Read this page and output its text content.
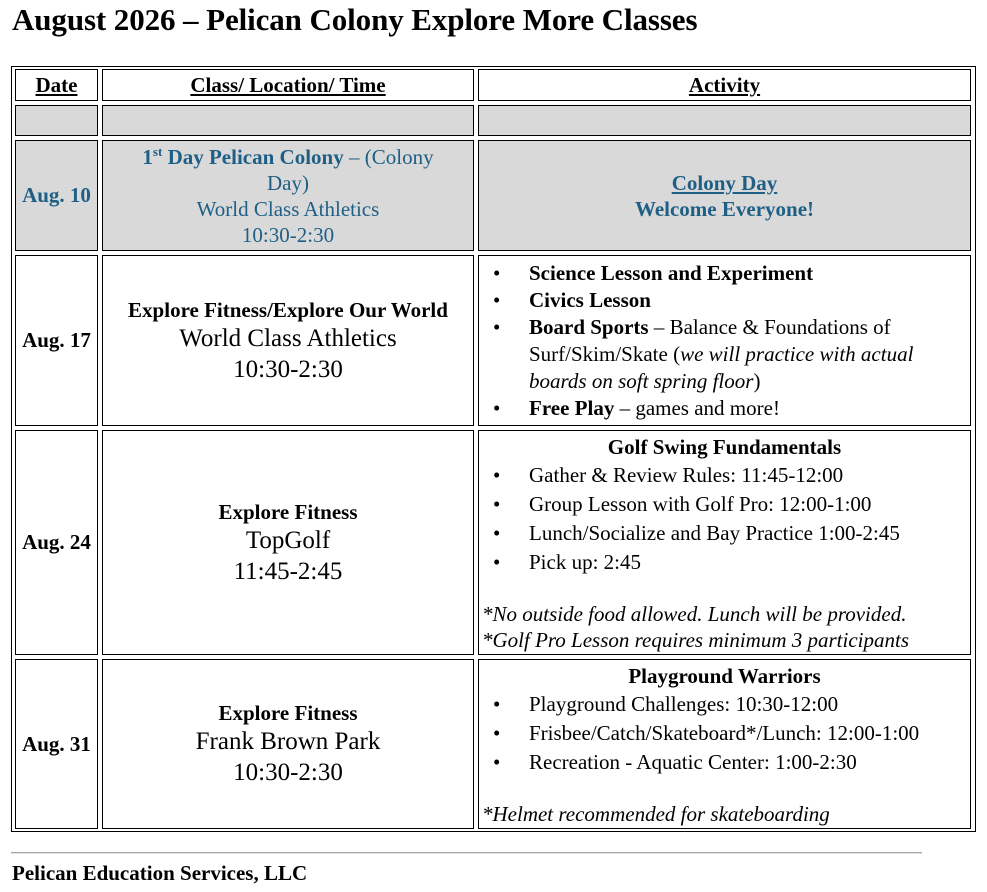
August 2026 – Pelican Colony Explore More Classes
Date	Class/ Location/ Time	Activity
Aug. 10
1st Day Pelican Colony – (Colony Day)
World Class Athletics
10:30-2:30
Colony Day
Welcome Everyone!
Aug. 17
Explore Fitness/Explore Our World
World Class Athletics
10:30-2:30
• Science Lesson and Experiment
• Civics Lesson
• Board Sports – Balance & Foundations of Surf/Skim/Skate (we will practice with actual boards on soft spring floor)
• Free Play – games and more!
Aug. 24
Explore Fitness
TopGolf
11:45-2:45
Golf Swing Fundamentals
• Gather & Review Rules: 11:45-12:00
• Group Lesson with Golf Pro: 12:00-1:00
• Lunch/Socialize and Bay Practice 1:00-2:45
• Pick up: 2:45
*No outside food allowed. Lunch will be provided.
*Golf Pro Lesson requires minimum 3 participants
Aug. 31
Explore Fitness
Frank Brown Park
10:30-2:30
Playground Warriors
• Playground Challenges: 10:30-12:00
• Frisbee/Catch/Skateboard*/Lunch: 12:00-1:00
• Recreation - Aquatic Center: 1:00-2:30
*Helmet recommended for skateboarding
Pelican Education Services, LLC
